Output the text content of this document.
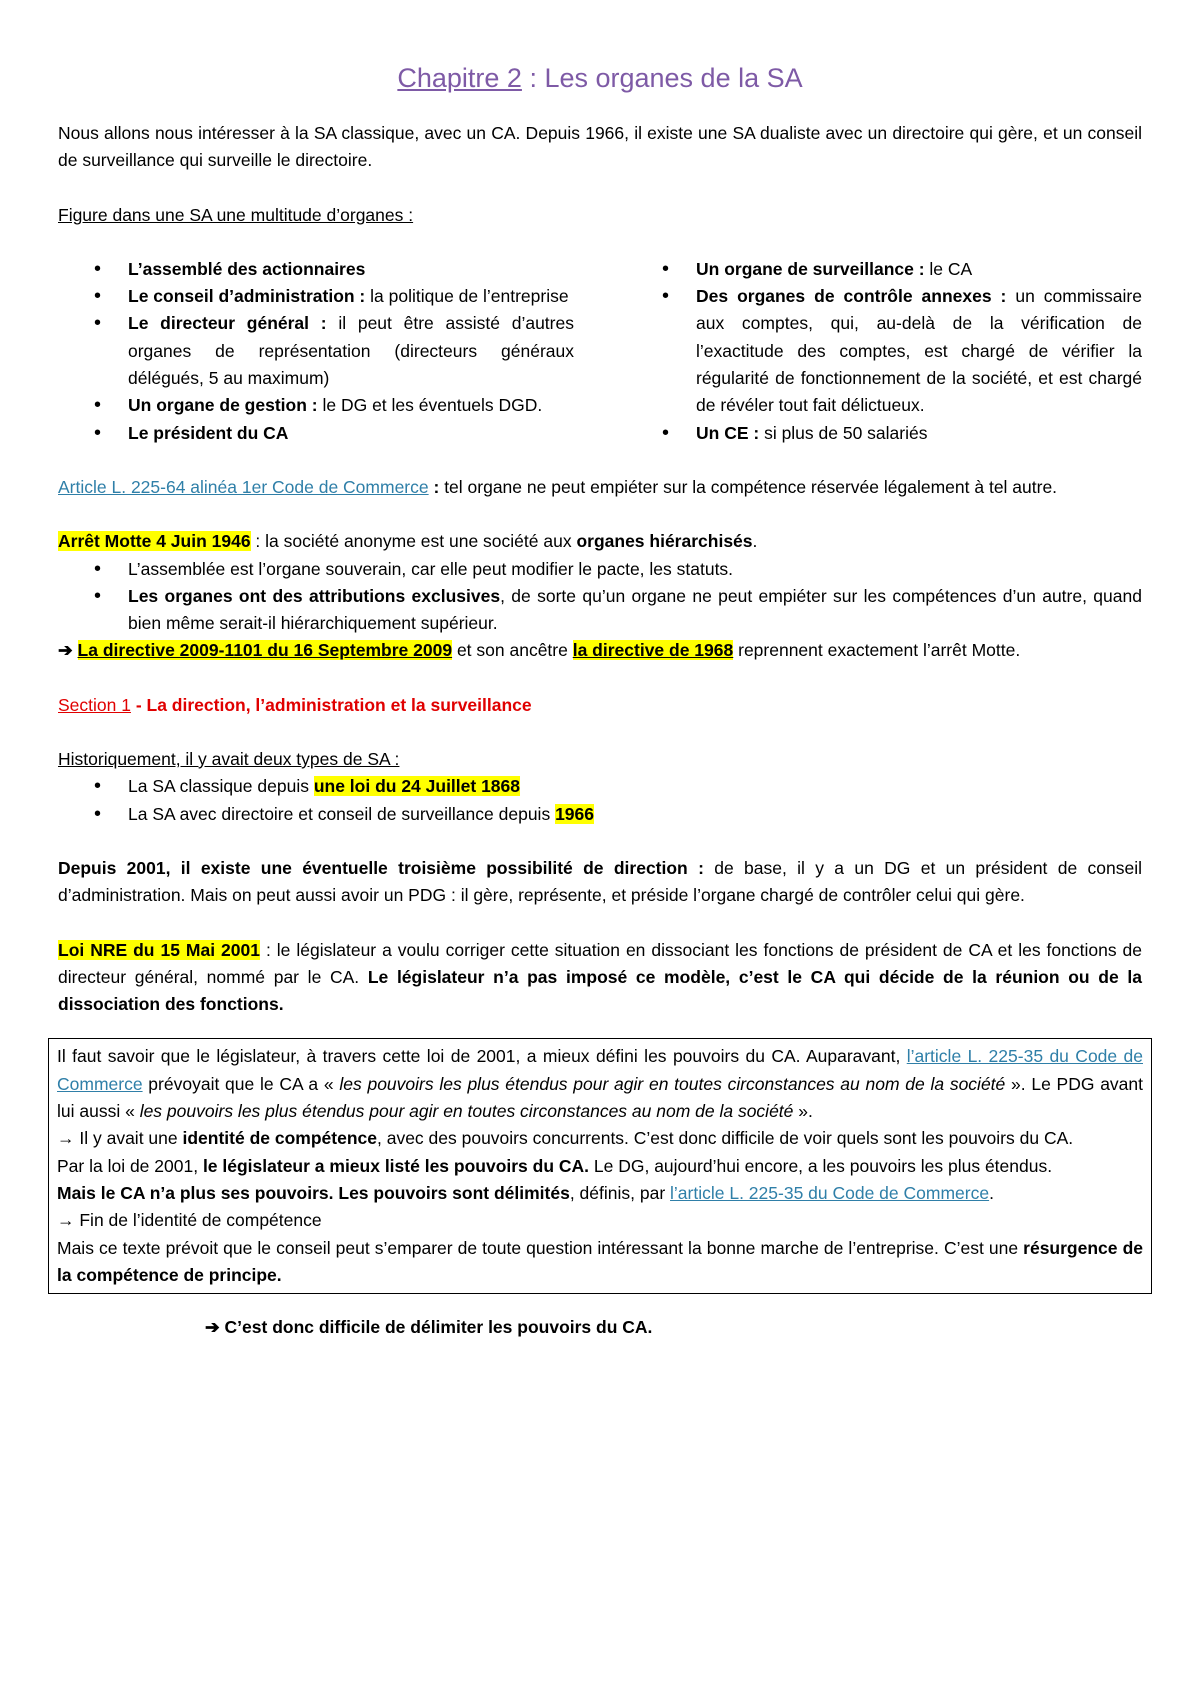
Chapitre 2 : Les organes de la SA

Nous allons nous intéresser à la SA classique, avec un CA. Depuis 1966, il existe une SA dualiste avec un directoire qui gère, et un conseil de surveillance qui surveille le directoire.

Figure dans une SA une multitude d’organes :

• L’assemblé des actionnaires
• Le conseil d’administration : la politique de l’entreprise
• Le directeur général : il peut être assisté d’autres organes de représentation (directeurs généraux délégués, 5 au maximum)
• Un organe de gestion : le DG et les éventuels DGD.
• Le président du CA
• Un organe de surveillance : le CA
• Des organes de contrôle annexes : un commissaire aux comptes, qui, au-delà de la vérification de l’exactitude des comptes, est chargé de vérifier la régularité de fonctionnement de la société, et est chargé de révéler tout fait délictueux.
• Un CE : si plus de 50 salariés

Article L. 225-64 alinéa 1er Code de Commerce : tel organe ne peut empiéter sur la compétence réservée légalement à tel autre.

Arrêt Motte 4 Juin 1946 : la société anonyme est une société aux organes hiérarchisés.

• L’assemblée est l’organe souverain, car elle peut modifier le pacte, les statuts.
• Les organes ont des attributions exclusives, de sorte qu’un organe ne peut empiéter sur les compétences d’un autre, quand bien même serait-il hiérarchiquement supérieur.

➔ La directive 2009-1101 du 16 Septembre 2009 et son ancêtre la directive de 1968 reprennent exactement l’arrêt Motte.

Section 1 - La direction, l’administration et la surveillance

Historiquement, il y avait deux types de SA :

• La SA classique depuis une loi du 24 Juillet 1868
• La SA avec directoire et conseil de surveillance depuis 1966

Depuis 2001, il existe une éventuelle troisième possibilité de direction : de base, il y a un DG et un président de conseil d’administration. Mais on peut aussi avoir un PDG : il gère, représente, et préside l’organe chargé de contrôler celui qui gère.

Loi NRE du 15 Mai 2001 : le législateur a voulu corriger cette situation en dissociant les fonctions de président de CA et les fonctions de directeur général, nommé par le CA. Le législateur n’a pas imposé ce modèle, c’est le CA qui décide de la réunion ou de la dissociation des fonctions.

Il faut savoir que le législateur, à travers cette loi de 2001, a mieux défini les pouvoirs du CA. Auparavant, l’article L. 225-35 du Code de Commerce prévoyait que le CA a « les pouvoirs les plus étendus pour agir en toutes circonstances au nom de la société ». Le PDG avant lui aussi « les pouvoirs les plus étendus pour agir en toutes circonstances au nom de la société ».

→ Il y avait une identité de compétence, avec des pouvoirs concurrents. C’est donc difficile de voir quels sont les pouvoirs du CA.

Par la loi de 2001, le législateur a mieux listé les pouvoirs du CA. Le DG, aujourd’hui encore, a les pouvoirs les plus étendus.

Mais le CA n’a plus ses pouvoirs. Les pouvoirs sont délimités, définis, par l’article L. 225-35 du Code de Commerce.

→ Fin de l’identité de compétence

Mais ce texte prévoit que le conseil peut s’emparer de toute question intéressant la bonne marche de l’entreprise. C’est une résurgence de la compétence de principe.

➔ C’est donc difficile de délimiter les pouvoirs du CA.
